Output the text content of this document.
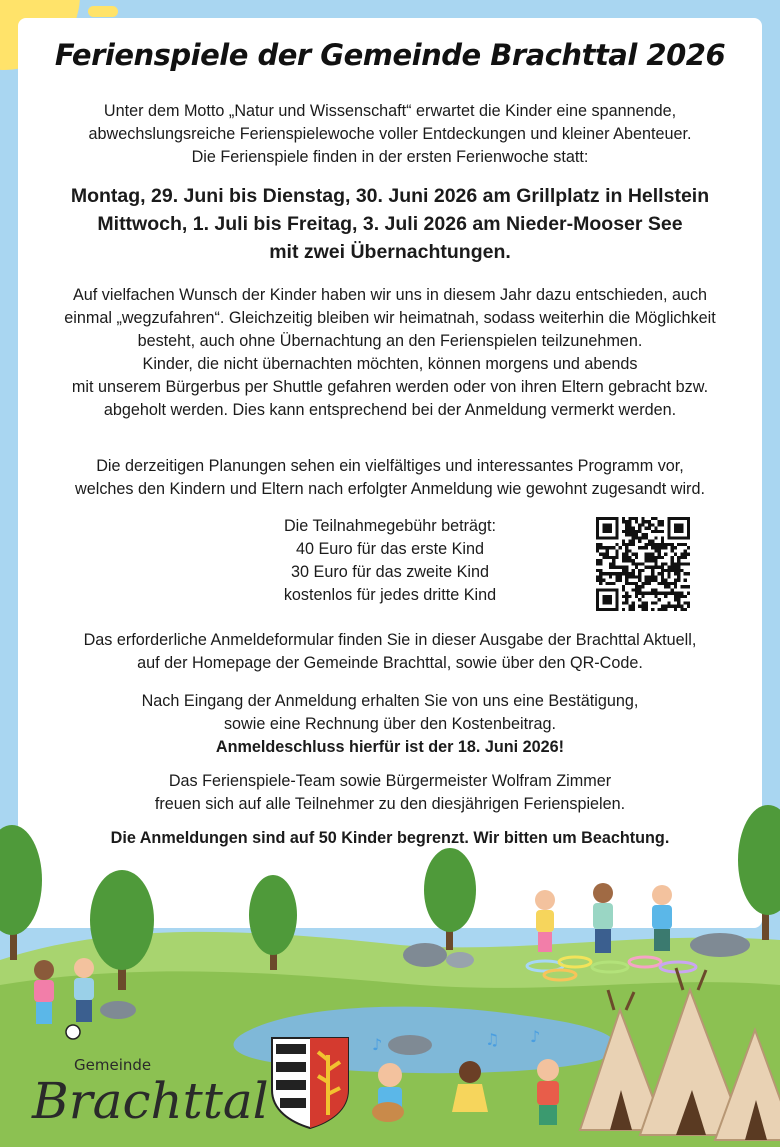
♪	♫ ♪
Ferienspiele der Gemeinde Brachttal 2026

Unter dem Motto „Natur und Wissenschaft“ erwartet die Kinder eine spannende,
abwechslungsreiche Ferienspielewoche voller Entdeckungen und kleiner Abenteuer.
Die Ferienspiele finden in der ersten Ferienwoche statt:

Montag, 29. Juni bis Dienstag, 30. Juni 2026 am Grillplatz in Hellstein
Mittwoch, 1. Juli bis Freitag, 3. Juli 2026 am Nieder-Mooser See
mit zwei Übernachtungen.

Auf vielfachen Wunsch der Kinder haben wir uns in diesem Jahr dazu entschieden, auch
einmal „wegzufahren“. Gleichzeitig bleiben wir heimatnah, sodass weiterhin die Möglichkeit
besteht, auch ohne Übernachtung an den Ferienspielen teilzunehmen.
Kinder, die nicht übernachten möchten, können morgens und abends
mit unserem Bürgerbus per Shuttle gefahren werden oder von ihren Eltern gebracht bzw.
abgeholt werden. Dies kann entsprechend bei der Anmeldung vermerkt werden.

Die derzeitigen Planungen sehen ein vielfältiges und interessantes Programm vor,
welches den Kindern und Eltern nach erfolgter Anmeldung wie gewohnt zugesandt wird.

Die Teilnahmegebühr beträgt:
40 Euro für das erste Kind
30 Euro für das zweite Kind
kostenlos für jedes dritte Kind

Das erforderliche Anmeldeformular finden Sie in dieser Ausgabe der Brachttal Aktuell,
auf der Homepage der Gemeinde Brachttal, sowie über den QR-Code.

Nach Eingang der Anmeldung erhalten Sie von uns eine Bestätigung,
sowie eine Rechnung über den Kostenbeitrag.
Anmeldeschluss hierfür ist der 18. Juni 2026!

Das Ferienspiele-Team sowie Bürgermeister Wolfram Zimmer
freuen sich auf alle Teilnehmer zu den diesjährigen Ferienspielen.

Die Anmeldungen sind auf 50 Kinder begrenzt. Wir bitten um Beachtung.

Gemeinde
Brachttal
